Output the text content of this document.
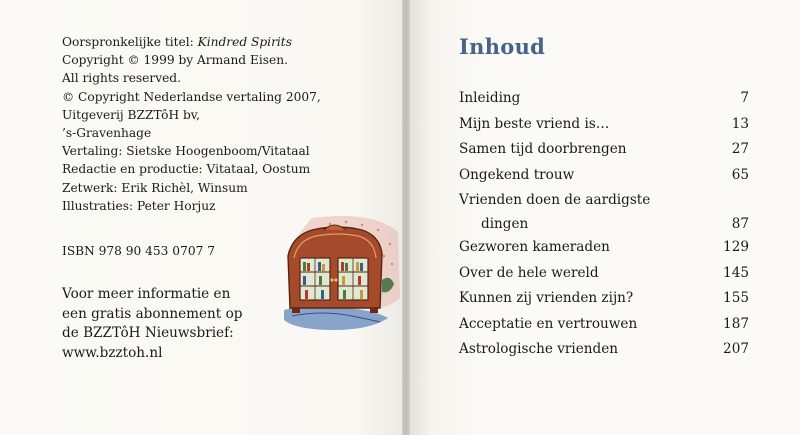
Oorspronkelijke titel: Kindred Spirits
Copyright © 1999 by Armand Eisen.
All rights reserved.
© Copyright Nederlandse vertaling 2007,
Uitgeverij BZZTôH bv,
’s-Gravenhage
Vertaling: Sietske Hoogenboom/Vitataal
Redactie en productie: Vitataal, Oostum
Zetwerk: Erik Richèl, Winsum
Illustraties: Peter Horjuz
ISBN 978 90 453 0707 7
Voor meer informatie en
een gratis abonnement op
de BZZTôH Nieuwsbrief:
www.bzztoh.nl
Inhoud
Inleiding	7
Mijn beste vriend is…	13
Samen tijd doorbrengen	27
Ongekend trouw	65
Vrienden doen de aardigste
dingen	87
Gezworen kameraden	129
Over de hele wereld	145
Kunnen zij vrienden zijn?	155
Acceptatie en vertrouwen	187
Astrologische vrienden	207
